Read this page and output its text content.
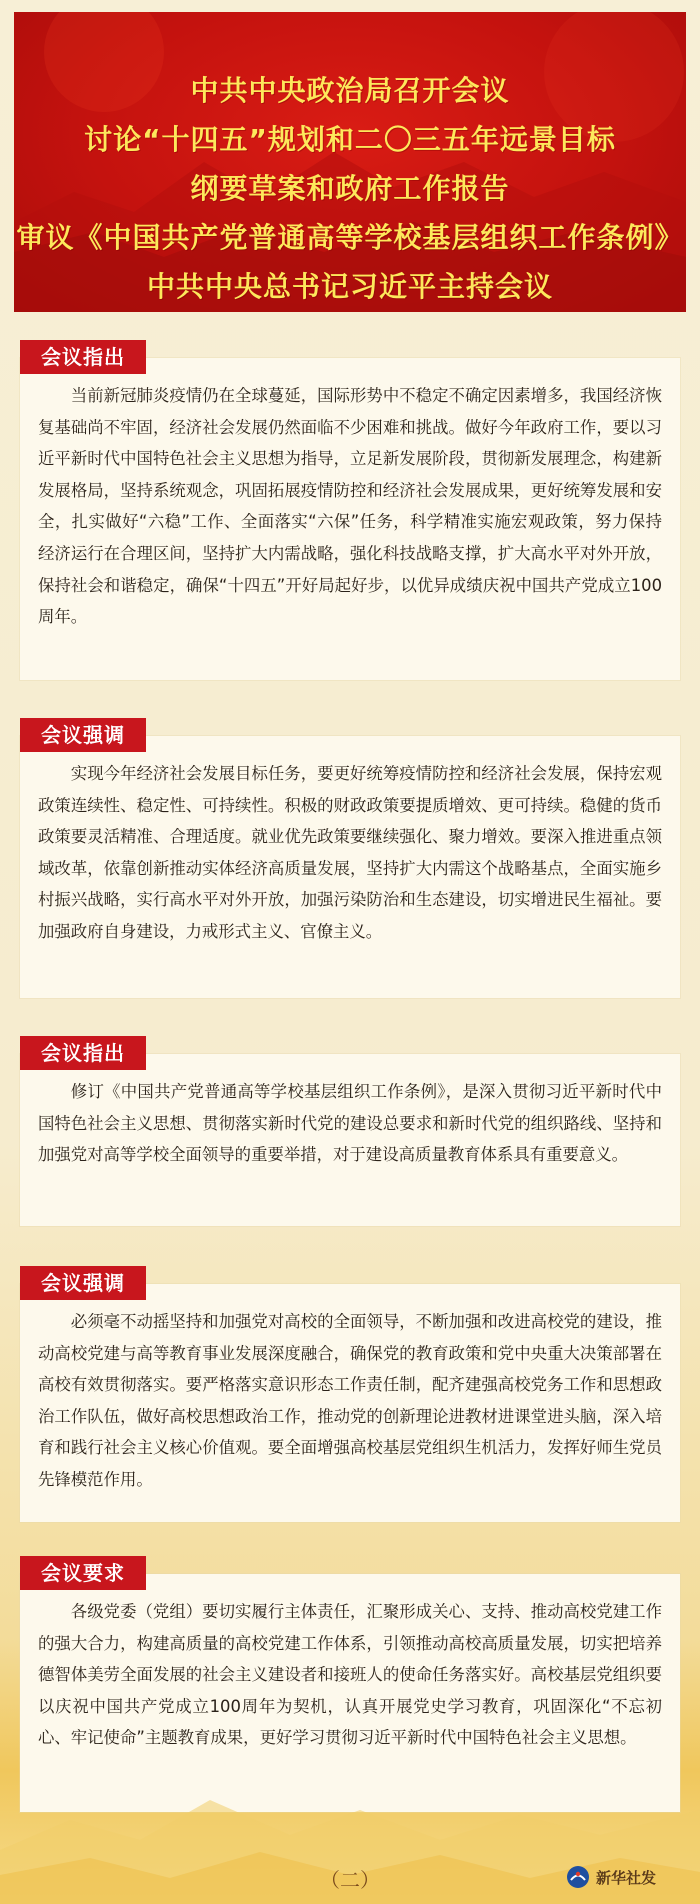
中共中央政治局召开会议
讨论“十四五”规划和二〇三五年远景目标
纲要草案和政府工作报告
审议《中国共产党普通高等学校基层组织工作条例》
中共中央总书记习近平主持会议
会议指出

当前新冠肺炎疫情仍在全球蔓延，国际形势中不稳定不确定因素增多，我国经济恢复基础尚不牢固，经济社会发展仍然面临不少困难和挑战。做好今年政府工作，要以习近平新时代中国特色社会主义思想为指导，立足新发展阶段，贯彻新发展理念，构建新发展格局，坚持系统观念，巩固拓展疫情防控和经济社会发展成果，更好统筹发展和安全，扎实做好“六稳”工作、全面落实“六保”任务，科学精准实施宏观政策，努力保持经济运行在合理区间，坚持扩大内需战略，强化科技战略支撑，扩大高水平对外开放，保持社会和谐稳定，确保“十四五”开好局起好步，以优异成绩庆祝中国共产党成立100周年。

会议强调

实现今年经济社会发展目标任务，要更好统筹疫情防控和经济社会发展，保持宏观政策连续性、稳定性、可持续性。积极的财政政策要提质增效、更可持续。稳健的货币政策要灵活精准、合理适度。就业优先政策要继续强化、聚力增效。要深入推进重点领域改革，依靠创新推动实体经济高质量发展，坚持扩大内需这个战略基点，全面实施乡村振兴战略，实行高水平对外开放，加强污染防治和生态建设，切实增进民生福祉。要加强政府自身建设，力戒形式主义、官僚主义。

会议指出

修订《中国共产党普通高等学校基层组织工作条例》，是深入贯彻习近平新时代中国特色社会主义思想、贯彻落实新时代党的建设总要求和新时代党的组织路线、坚持和加强党对高等学校全面领导的重要举措，对于建设高质量教育体系具有重要意义。

会议强调

必须毫不动摇坚持和加强党对高校的全面领导，不断加强和改进高校党的建设，推动高校党建与高等教育事业发展深度融合，确保党的教育政策和党中央重大决策部署在高校有效贯彻落实。要严格落实意识形态工作责任制，配齐建强高校党务工作和思想政治工作队伍，做好高校思想政治工作，推动党的创新理论进教材进课堂进头脑，深入培育和践行社会主义核心价值观。要全面增强高校基层党组织生机活力，发挥好师生党员先锋模范作用。

会议要求

各级党委（党组）要切实履行主体责任，汇聚形成关心、支持、推动高校党建工作的强大合力，构建高质量的高校党建工作体系，引领推动高校高质量发展，切实把培养德智体美劳全面发展的社会主义建设者和接班人的使命任务落实好。高校基层党组织要以庆祝中国共产党成立100周年为契机，认真开展党史学习教育，巩固深化“不忘初心、牢记使命”主题教育成果，更好学习贯彻习近平新时代中国特色社会主义思想。

（二）	新华社发
